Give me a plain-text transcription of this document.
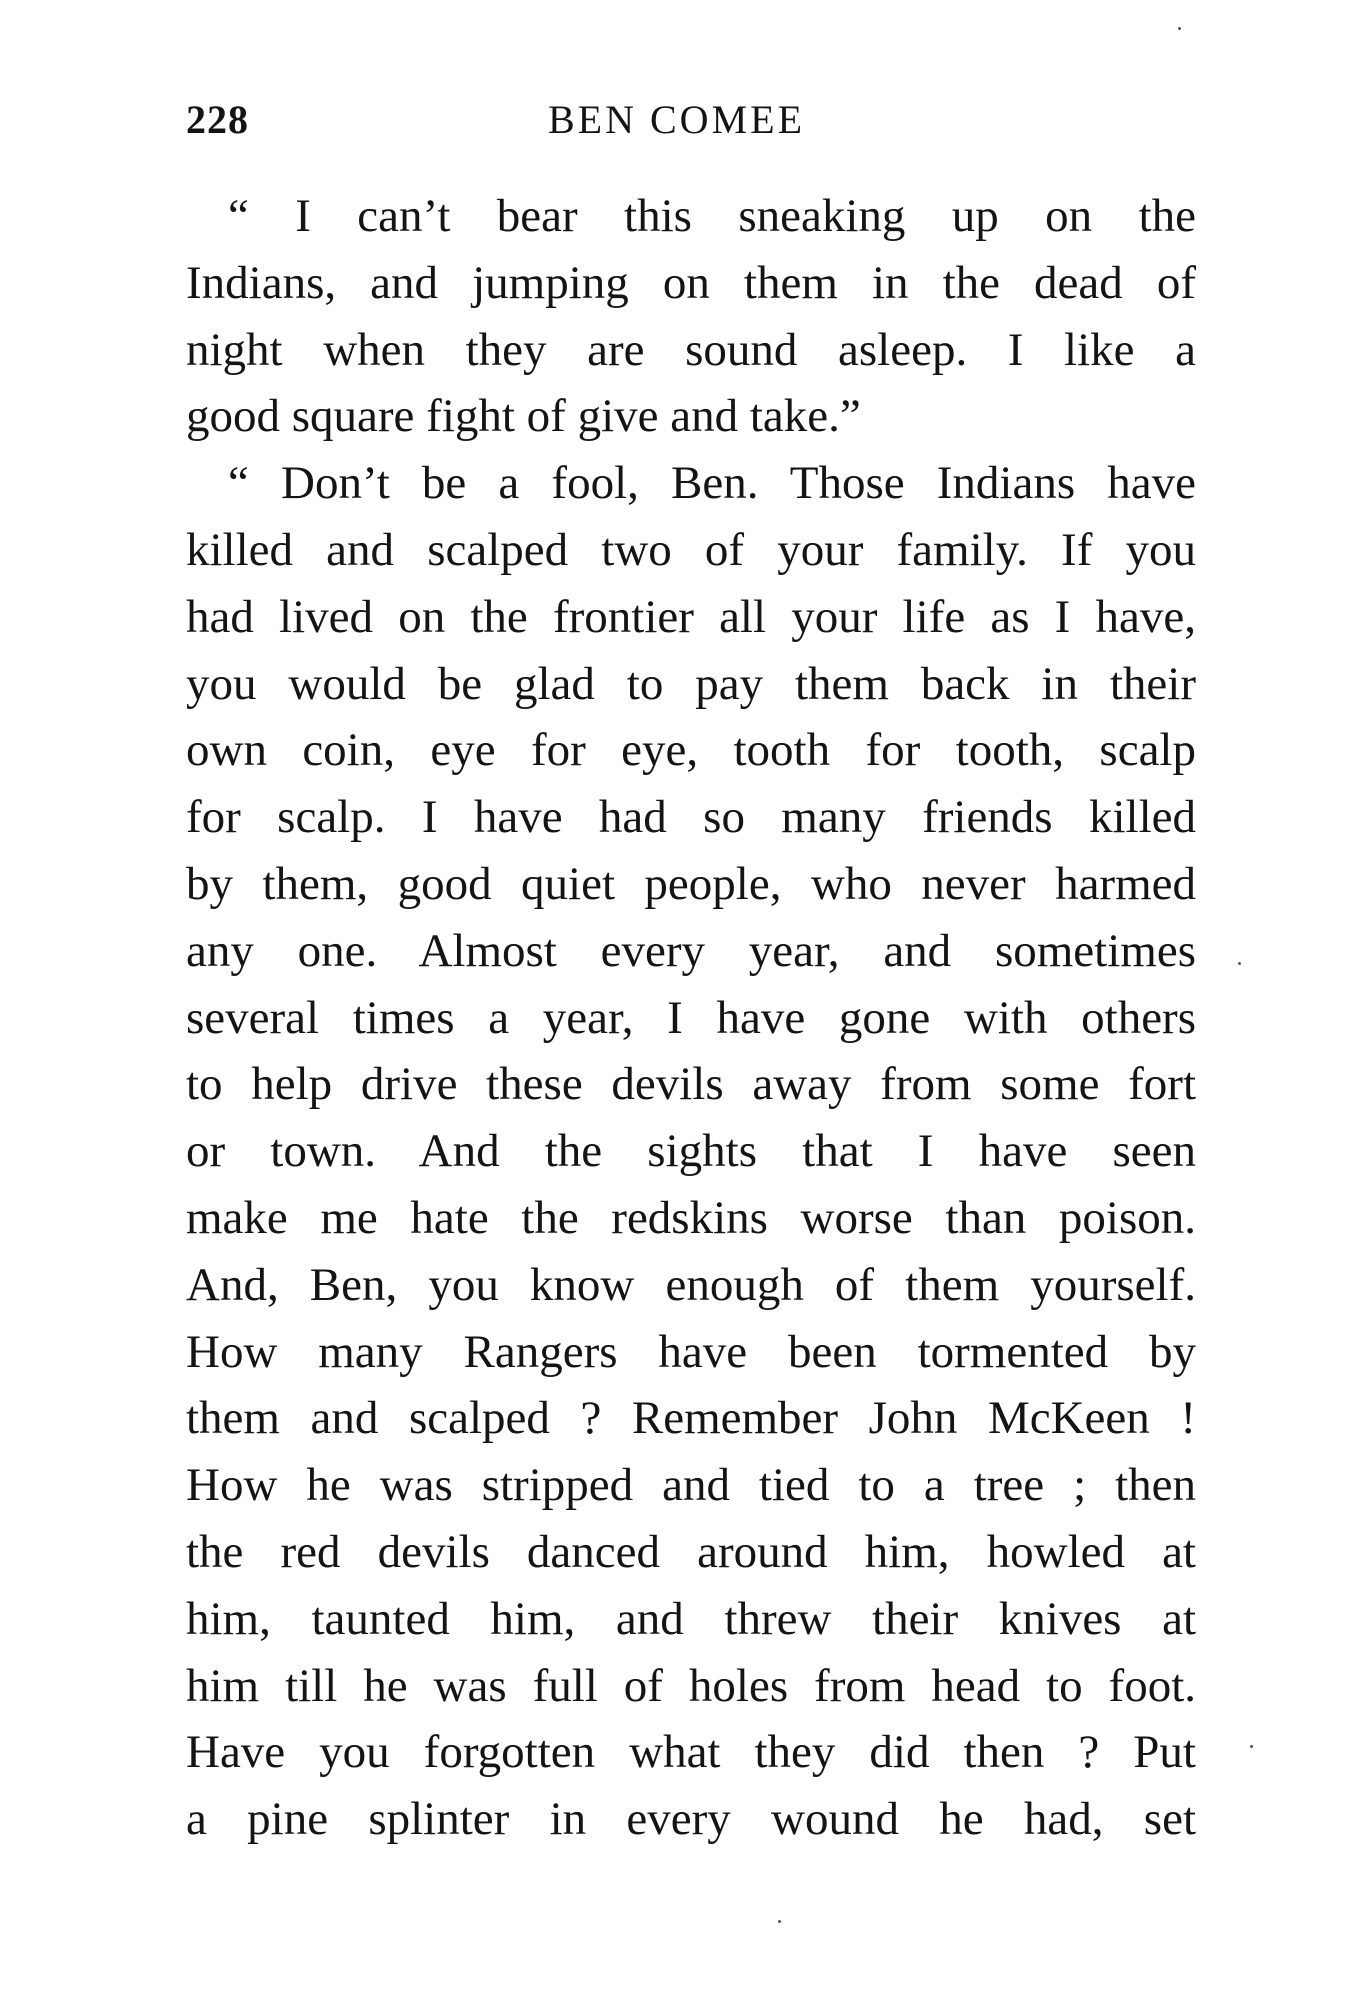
228	BEN COMEE
“ I can’t bear this sneaking up on the
Indians, and jumping on them in the dead of
night when they are sound asleep. I like a
good square fight of give and take.”
“ Don’t be a fool, Ben. Those Indians have
killed and scalped two of your family. If you
had lived on the frontier all your life as I have,
you would be glad to pay them back in their
own coin, eye for eye, tooth for tooth, scalp
for scalp. I have had so many friends killed
by them, good quiet people, who never harmed
any one. Almost every year, and sometimes
several times a year, I have gone with others
to help drive these devils away from some fort
or town. And the sights that I have seen
make me hate the redskins worse than poison.
And, Ben, you know enough of them yourself.
How many Rangers have been tormented by
them and scalped ? Remember John McKeen !
How he was stripped and tied to a tree ; then
the red devils danced around him, howled at
him, taunted him, and threw their knives at
him till he was full of holes from head to foot.
Have you forgotten what they did then ? Put
a pine splinter in every wound he had, set
